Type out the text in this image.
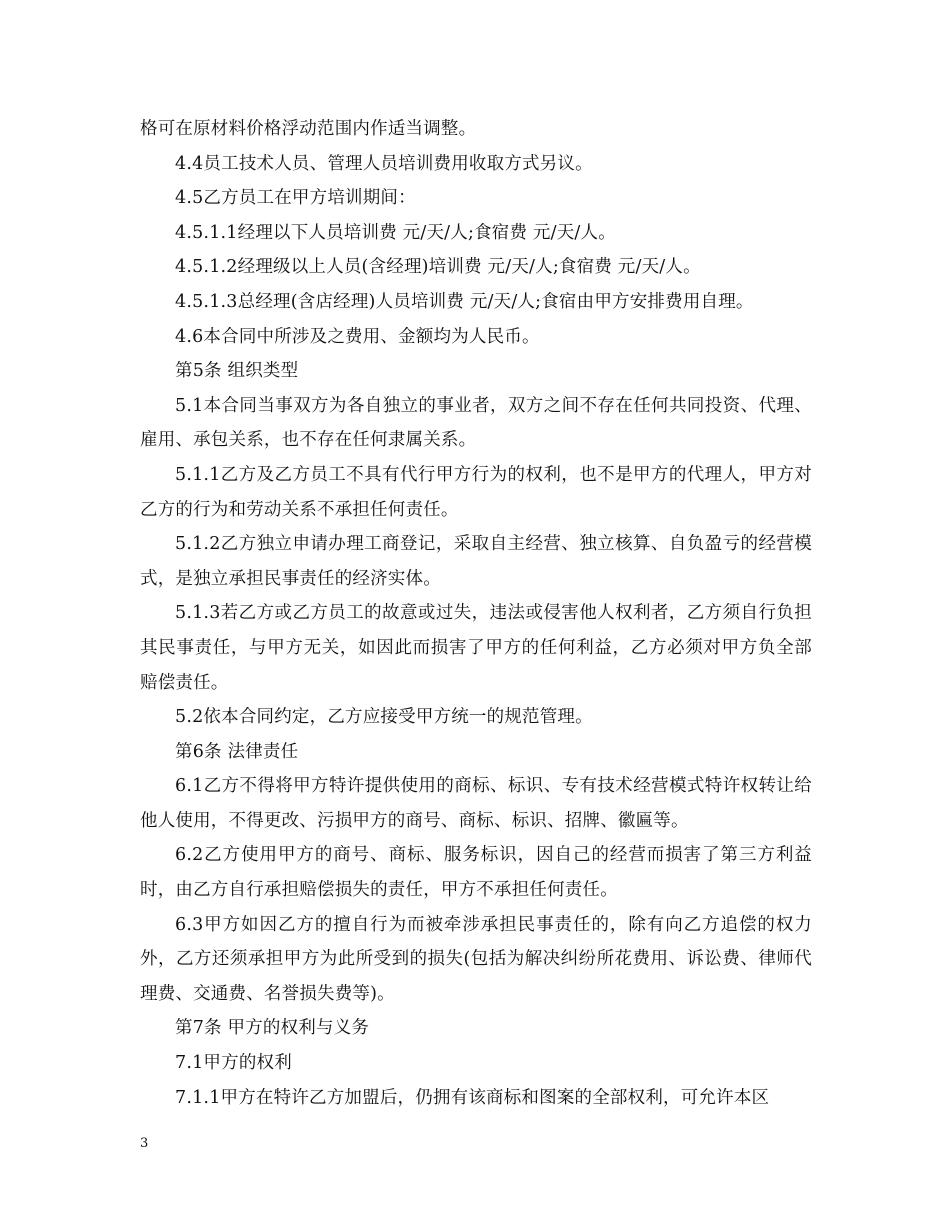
格可在原材料价格浮动范围内作适当调整。

4.4员工技术人员、管理人员培训费用收取方式另议。

4.5乙方员工在甲方培训期间：

4.5.1.1经理以下人员培训费 元/天/人;食宿费 元/天/人。

4.5.1.2经理级以上人员(含经理)培训费 元/天/人;食宿费 元/天/人。

4.5.1.3总经理(含店经理)人员培训费 元/天/人;食宿由甲方安排费用自理。

4.6本合同中所涉及之费用、金额均为人民币。

第5条 组织类型

5.1本合同当事双方为各自独立的事业者，双方之间不存在任何共同投资、代理、雇用、承包关系，也不存在任何隶属关系。

5.1.1乙方及乙方员工不具有代行甲方行为的权利，也不是甲方的代理人，甲方对乙方的行为和劳动关系不承担任何责任。

5.1.2乙方独立申请办理工商登记，采取自主经营、独立核算、自负盈亏的经营模式，是独立承担民事责任的经济实体。

5.1.3若乙方或乙方员工的故意或过失，违法或侵害他人权利者，乙方须自行负担其民事责任，与甲方无关，如因此而损害了甲方的任何利益，乙方必须对甲方负全部赔偿责任。

5.2依本合同约定，乙方应接受甲方统一的规范管理。

第6条 法律责任

6.1乙方不得将甲方特许提供使用的商标、标识、专有技术经营模式特许权转让给他人使用，不得更改、污损甲方的商号、商标、标识、招牌、徽匾等。

6.2乙方使用甲方的商号、商标、服务标识，因自己的经营而损害了第三方利益时，由乙方自行承担赔偿损失的责任，甲方不承担任何责任。

6.3甲方如因乙方的擅自行为而被牵涉承担民事责任的，除有向乙方追偿的权力外，乙方还须承担甲方为此所受到的损失(包括为解决纠纷所花费用、诉讼费、律师代理费、交通费、名誉损失费等)。

第7条 甲方的权利与义务

7.1甲方的权利

7.1.1甲方在特许乙方加盟后，仍拥有该商标和图案的全部权利，可允许本区

3
